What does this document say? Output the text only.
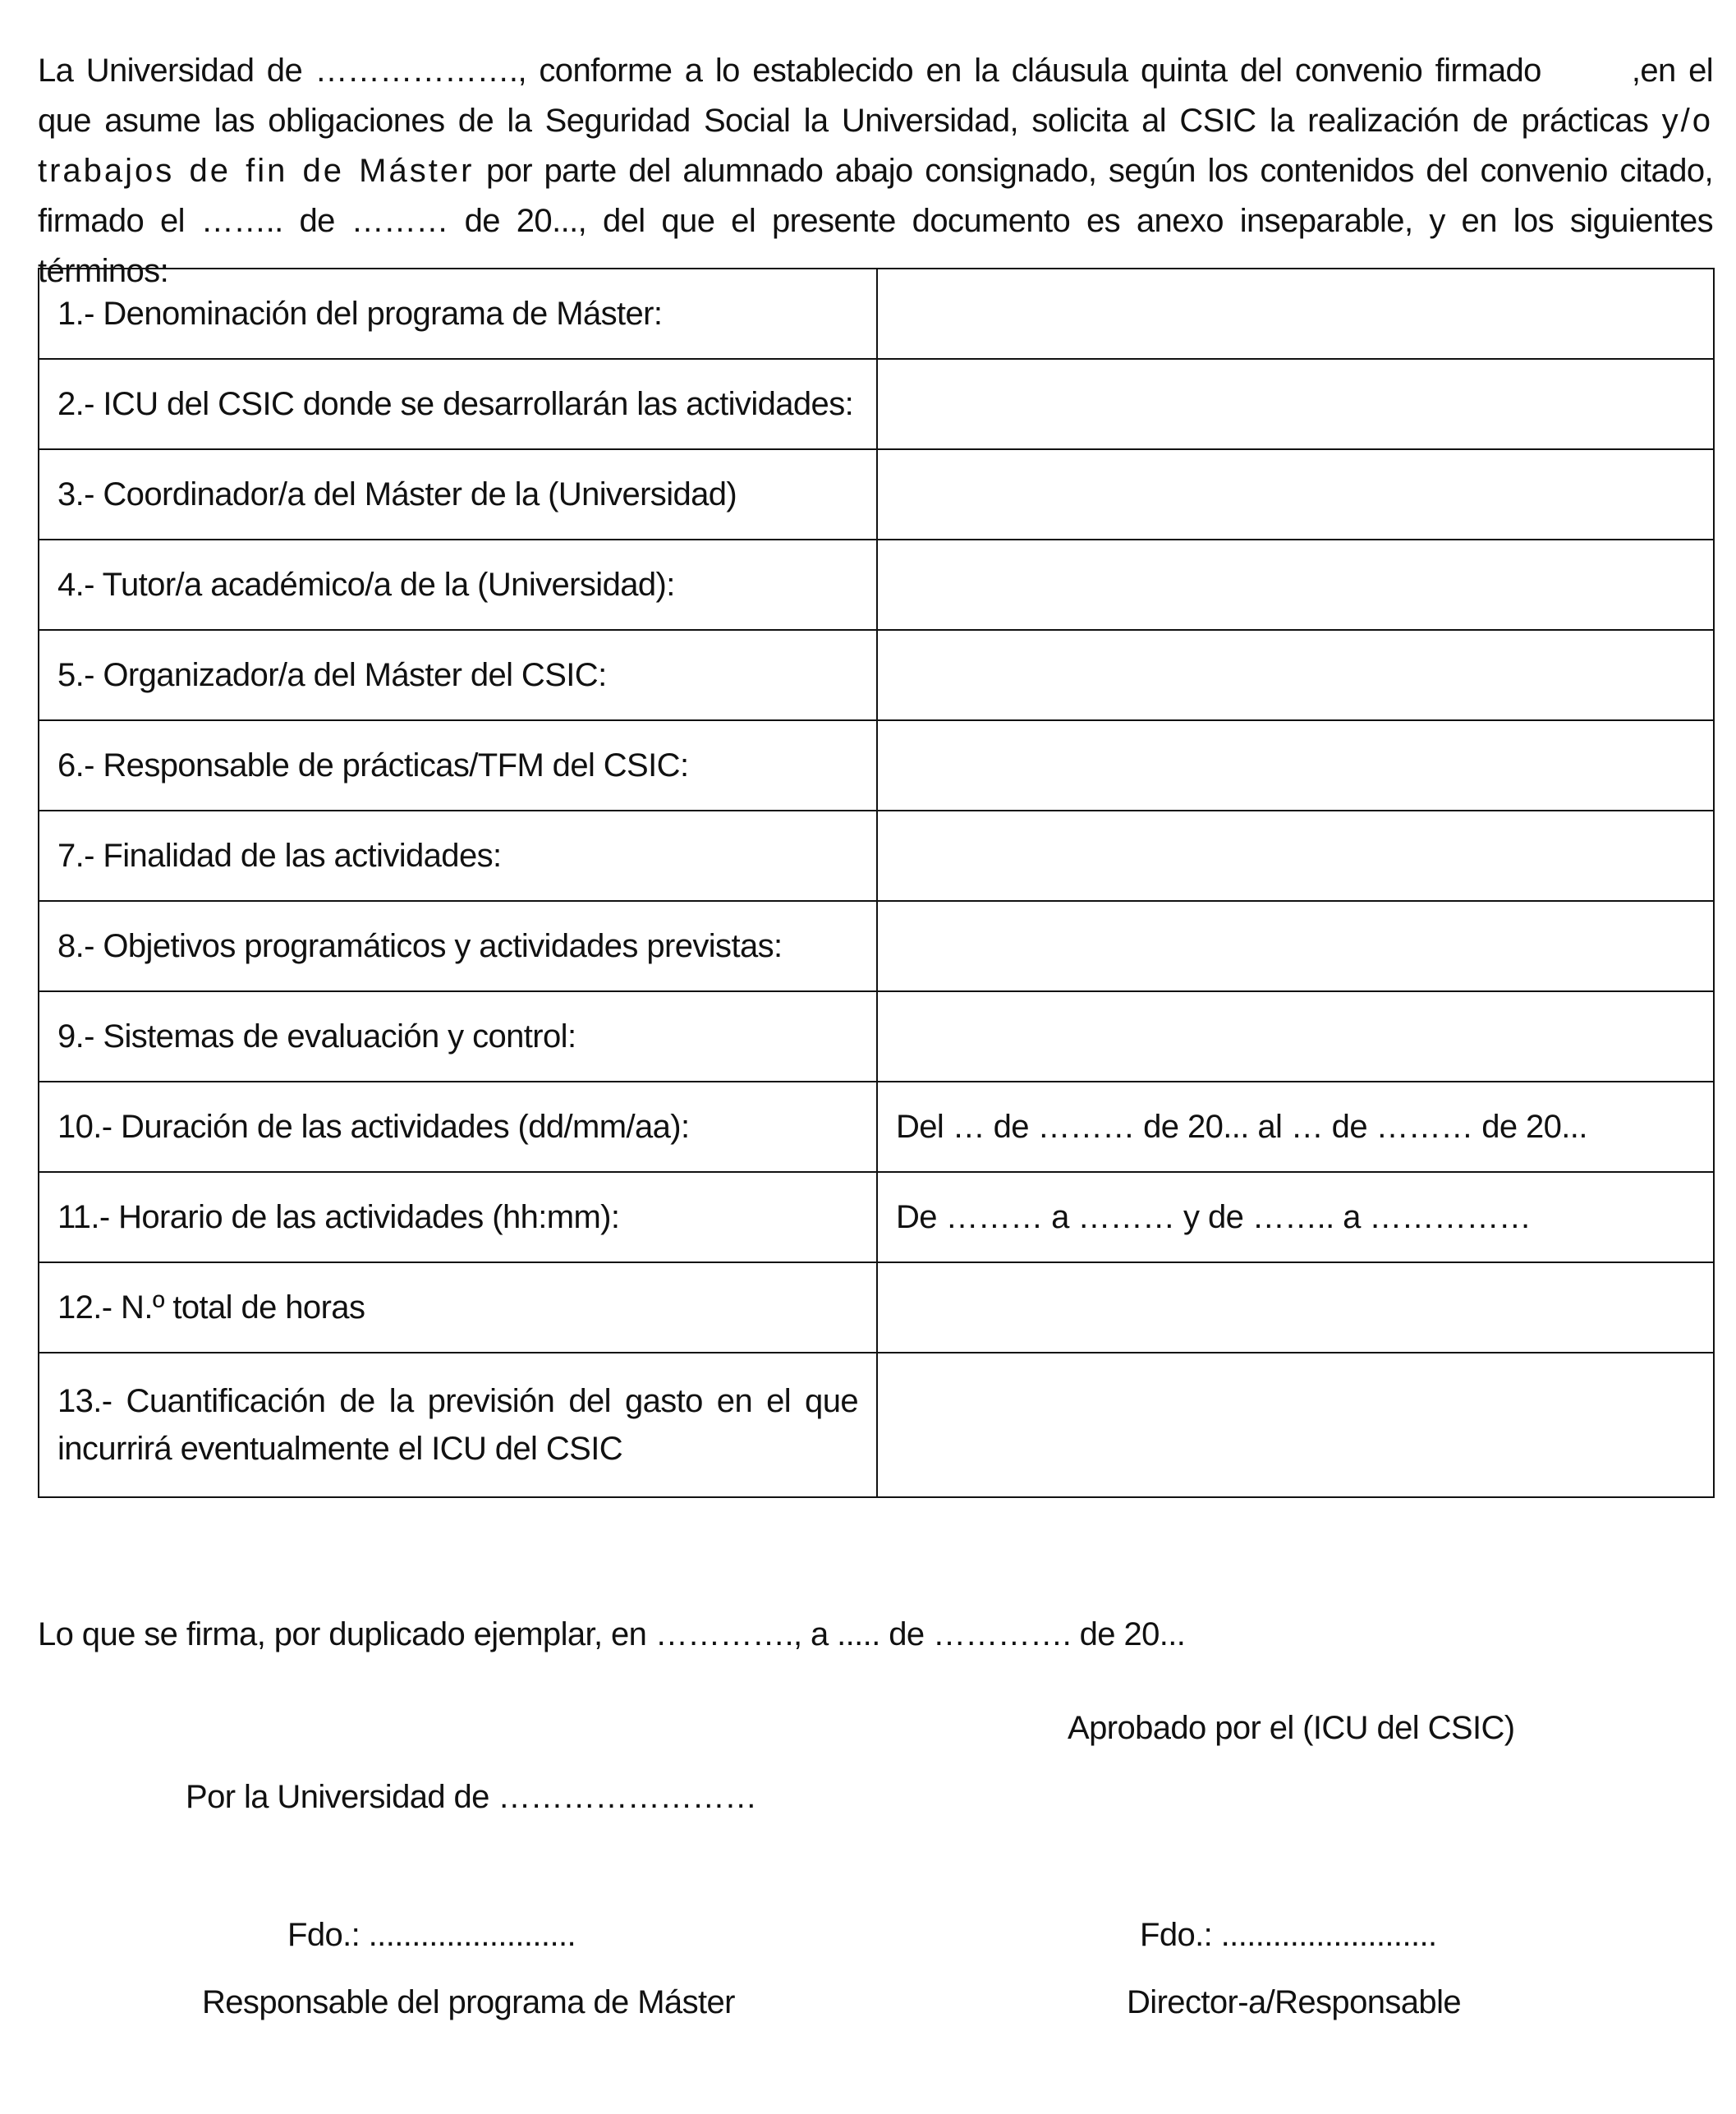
La Universidad de ………………., conforme a lo establecido en la cláusula quinta del convenio firmado	,en el que asume las obligaciones de la Seguridad Social la Universidad, solicita al CSIC la realización de prácticas y/o trabajos de fin de Máster por parte del alumnado abajo consignado, según los contenidos del convenio citado, firmado el …….. de ……… de 20..., del que el presente documento es anexo inseparable, y en los siguientes términos:

1.- Denominación del programa de Máster:	
2.- ICU del CSIC donde se desarrollarán las actividades:	
3.- Coordinador/a del Máster de la (Universidad)	
4.- Tutor/a académico/a de la (Universidad):	
5.- Organizador/a del Máster del CSIC:	
6.- Responsable de prácticas/TFM del CSIC:	
7.- Finalidad de las actividades:	
8.- Objetivos programáticos y actividades previstas:	
9.- Sistemas de evaluación y control:	
10.- Duración de las actividades (dd/mm/aa):	Del … de ……… de 20... al … de ……… de 20...
11.- Horario de las actividades (hh:mm):	De ……… a ……… y de …….. a ……………
12.- N.º total de horas	
13.- Cuantificación de la previsión del gasto en el que incurrirá eventualmente el ICU del CSIC	
Lo que se firma, por duplicado ejemplar, en …………., a ..... de …………. de 20...
Aprobado por el (ICU del CSIC)
Por la Universidad de ……………………
Fdo.: ........................	Fdo.: .........................
Responsable del programa de Máster	Director-a/Responsable
